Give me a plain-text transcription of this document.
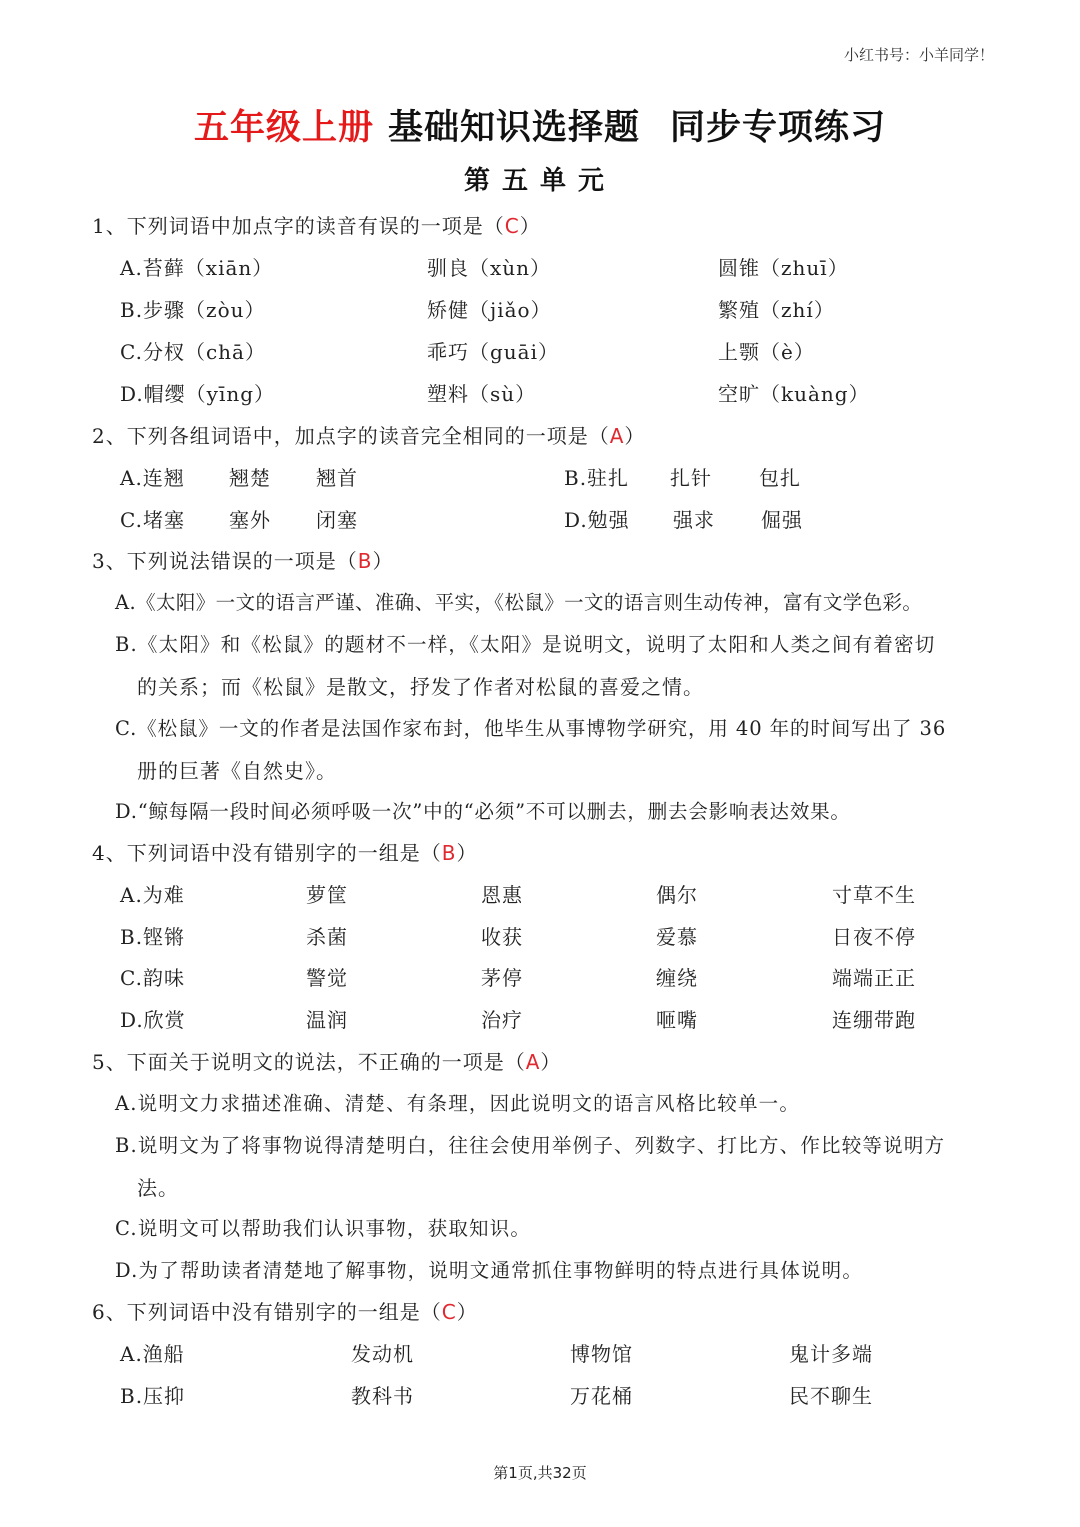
小红书号：小羊同学！
五年级上册 基础知识选择题 同步专项练习
第五单元
1、下列词语中加点字的读音有误的一项是（C）
A.苔藓（xiān）	驯良（xùn）	圆锥（zhuī）
B.步骤（zòu）	矫健（jiǎo）	繁殖（zhí）
C.分杈（chā）	乖巧（guāi）	上颚（è）
D.帽缨（yīng）	塑料（sù）	空旷（kuàng）
2、下列各组词语中，加点字的读音完全相同的一项是（A）
A.连翘 翘楚 翘首	B.驻扎 扎针 包扎
C.堵塞 塞外 闭塞	D.勉强 强求 倔强
3、下列说法错误的一项是（B）
A.《太阳》一文的语言严谨、准确、平实，《松鼠》一文的语言则生动传神，富有文学色彩。
B.《太阳》和《松鼠》的题材不一样，《太阳》是说明文，说明了太阳和人类之间有着密切
的关系；而《松鼠》是散文，抒发了作者对松鼠的喜爱之情。
C.《松鼠》一文的作者是法国作家布封，他毕生从事博物学研究，用 40 年的时间写出了 36
册的巨著《自然史》。
D.“鲸每隔一段时间必须呼吸一次”中的“必须”不可以删去，删去会影响表达效果。
4、下列词语中没有错别字的一组是（B）
A.为难	萝筐	恩惠	偶尔	寸草不生
B.铿锵	杀菌	收获	爱慕	日夜不停
C.韵味	警觉	茅停	缠绕	端端正正
D.欣赏	温润	治疗	咂嘴	连绷带跑
5、下面关于说明文的说法，不正确的一项是（A）
A.说明文力求描述准确、清楚、有条理，因此说明文的语言风格比较单一。
B.说明文为了将事物说得清楚明白，往往会使用举例子、列数字、打比方、作比较等说明方
法。
C.说明文可以帮助我们认识事物，获取知识。
D.为了帮助读者清楚地了解事物，说明文通常抓住事物鲜明的特点进行具体说明。
6、下列词语中没有错别字的一组是（C）
A.渔船	发动机	博物馆	鬼计多端
B.压抑	教科书	万花桶	民不聊生
第1页,共32页
